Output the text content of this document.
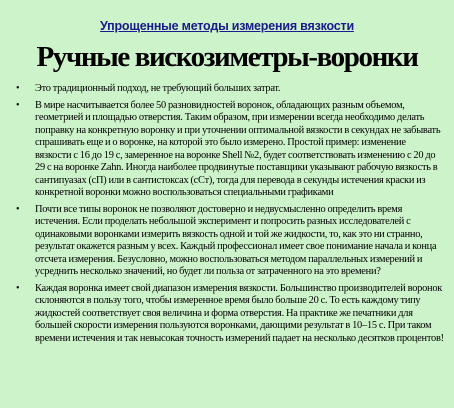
Упрощенные методы измерения вязкости
Ручные вискозиметры-воронки
• Это традиционный подход, не требующий больших затрат.
• В мире насчитывается более 50 разновидностей воронок, обладающих разным объемом, геометрией и площадью отверстия. Таким образом, при измерении всегда необходимо делать поправку на конкретную воронку и при уточнении оптимальной вязкости в секундах не забывать спрашивать еще и о воронке, на которой это было измерено. Простой пример: изменение вязкости с 16 до 19 с, замеренное на воронке Shell №2, будет соответствовать изменению с 20 до 29 с на воронке Zahn. Иногда наиболее продвинутые поставщики указывают рабочую вязкость в сантипуазах (сП) или в сантистоксах (сСт), тогда для перевода в секунды истечения краски из конкретной воронки можно воспользоваться специальными графиками
• Почти все типы воронок не позволяют достоверно и недвусмысленно определить время истечения. Если проделать небольшой эксперимент и попросить разных исследователей с одинаковыми воронками измерить вязкость одной и той же жидкости, то, как это ни странно, результат окажется разным у всех. Каждый профессионал имеет свое понимание начала и конца отсчета измерения. Безусловно, можно воспользоваться методом параллельных измерений и усреднить несколько значений, но будет ли польза от затраченного на это времени?
• Каждая воронка имеет свой диапазон измерения вязкости. Большинство производителей воронок склоняются в пользу того, чтобы измеренное время было больше 20 с. То есть каждому типу жидкостей соответствует своя величина и форма отверстия. На практике же печатники для большей скорости измерения пользуются воронками, дающими результат в 10–15 с. При таком времени истечения и так невысокая точность измерений падает на несколько десятков процентов!
